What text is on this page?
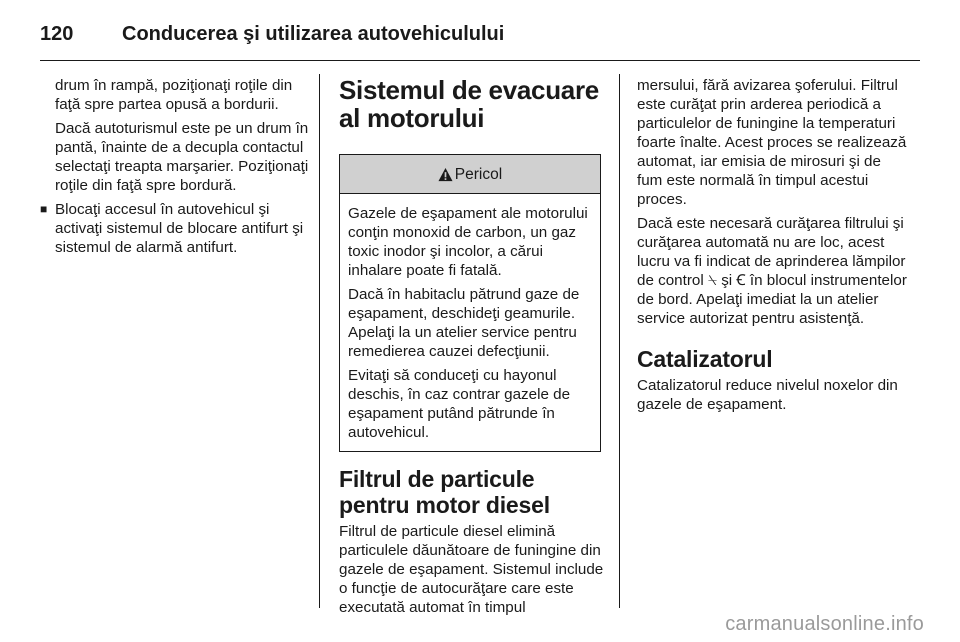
120	Conducerea şi utilizarea autovehiculului

drum în rampă, poziţionaţi roţile din faţă spre partea opusă a bordurii.

Dacă autoturismul este pe un drum în pantă, înainte de a decupla contactul selectaţi treapta marşarier. Poziţionaţi roţile din faţă spre bordură.

■ Blocaţi accesul în autovehicul şi activaţi sistemul de blocare antifurt şi sistemul de alarmă antifurt.
Sistemul de evacuare al motorului
Pericol

Gazele de eşapament ale motorului conţin monoxid de carbon, un gaz toxic inodor şi incolor, a cărui inhalare poate fi fatală.

Dacă în habitaclu pătrund gaze de eşapament, deschideţi geamurile. Apelaţi la un atelier service pentru remedierea cauzei defecţiunii.

Evitaţi să conduceţi cu hayonul deschis, în caz contrar gazele de eşapament putând pătrunde în autovehicul.

Filtrul de particule pentru motor diesel

Filtrul de particule diesel elimină particulele dăunătoare de funingine din gazele de eşapament. Sistemul include o funcţie de autocurăţare care este executată automat în timpul

mersului, fără avizarea şoferului. Filtrul este curăţat prin arderea periodică a particulelor de funingine la temperaturi foarte înalte. Acest proces se realizează automat, iar emisia de mirosuri şi de fum este normală în timpul acestui proces.

Dacă este necesară curăţarea filtrului şi curăţarea automată nu are loc, acest lucru va fi indicat de aprinderea lămpilor de control ⍀ şi Ꞓ în blocul instrumentelor de bord. Apelaţi imediat la un atelier service autorizat pentru asistenţă.

Catalizatorul

Catalizatorul reduce nivelul noxelor din gazele de eşapament.

carmanualsonline.info
